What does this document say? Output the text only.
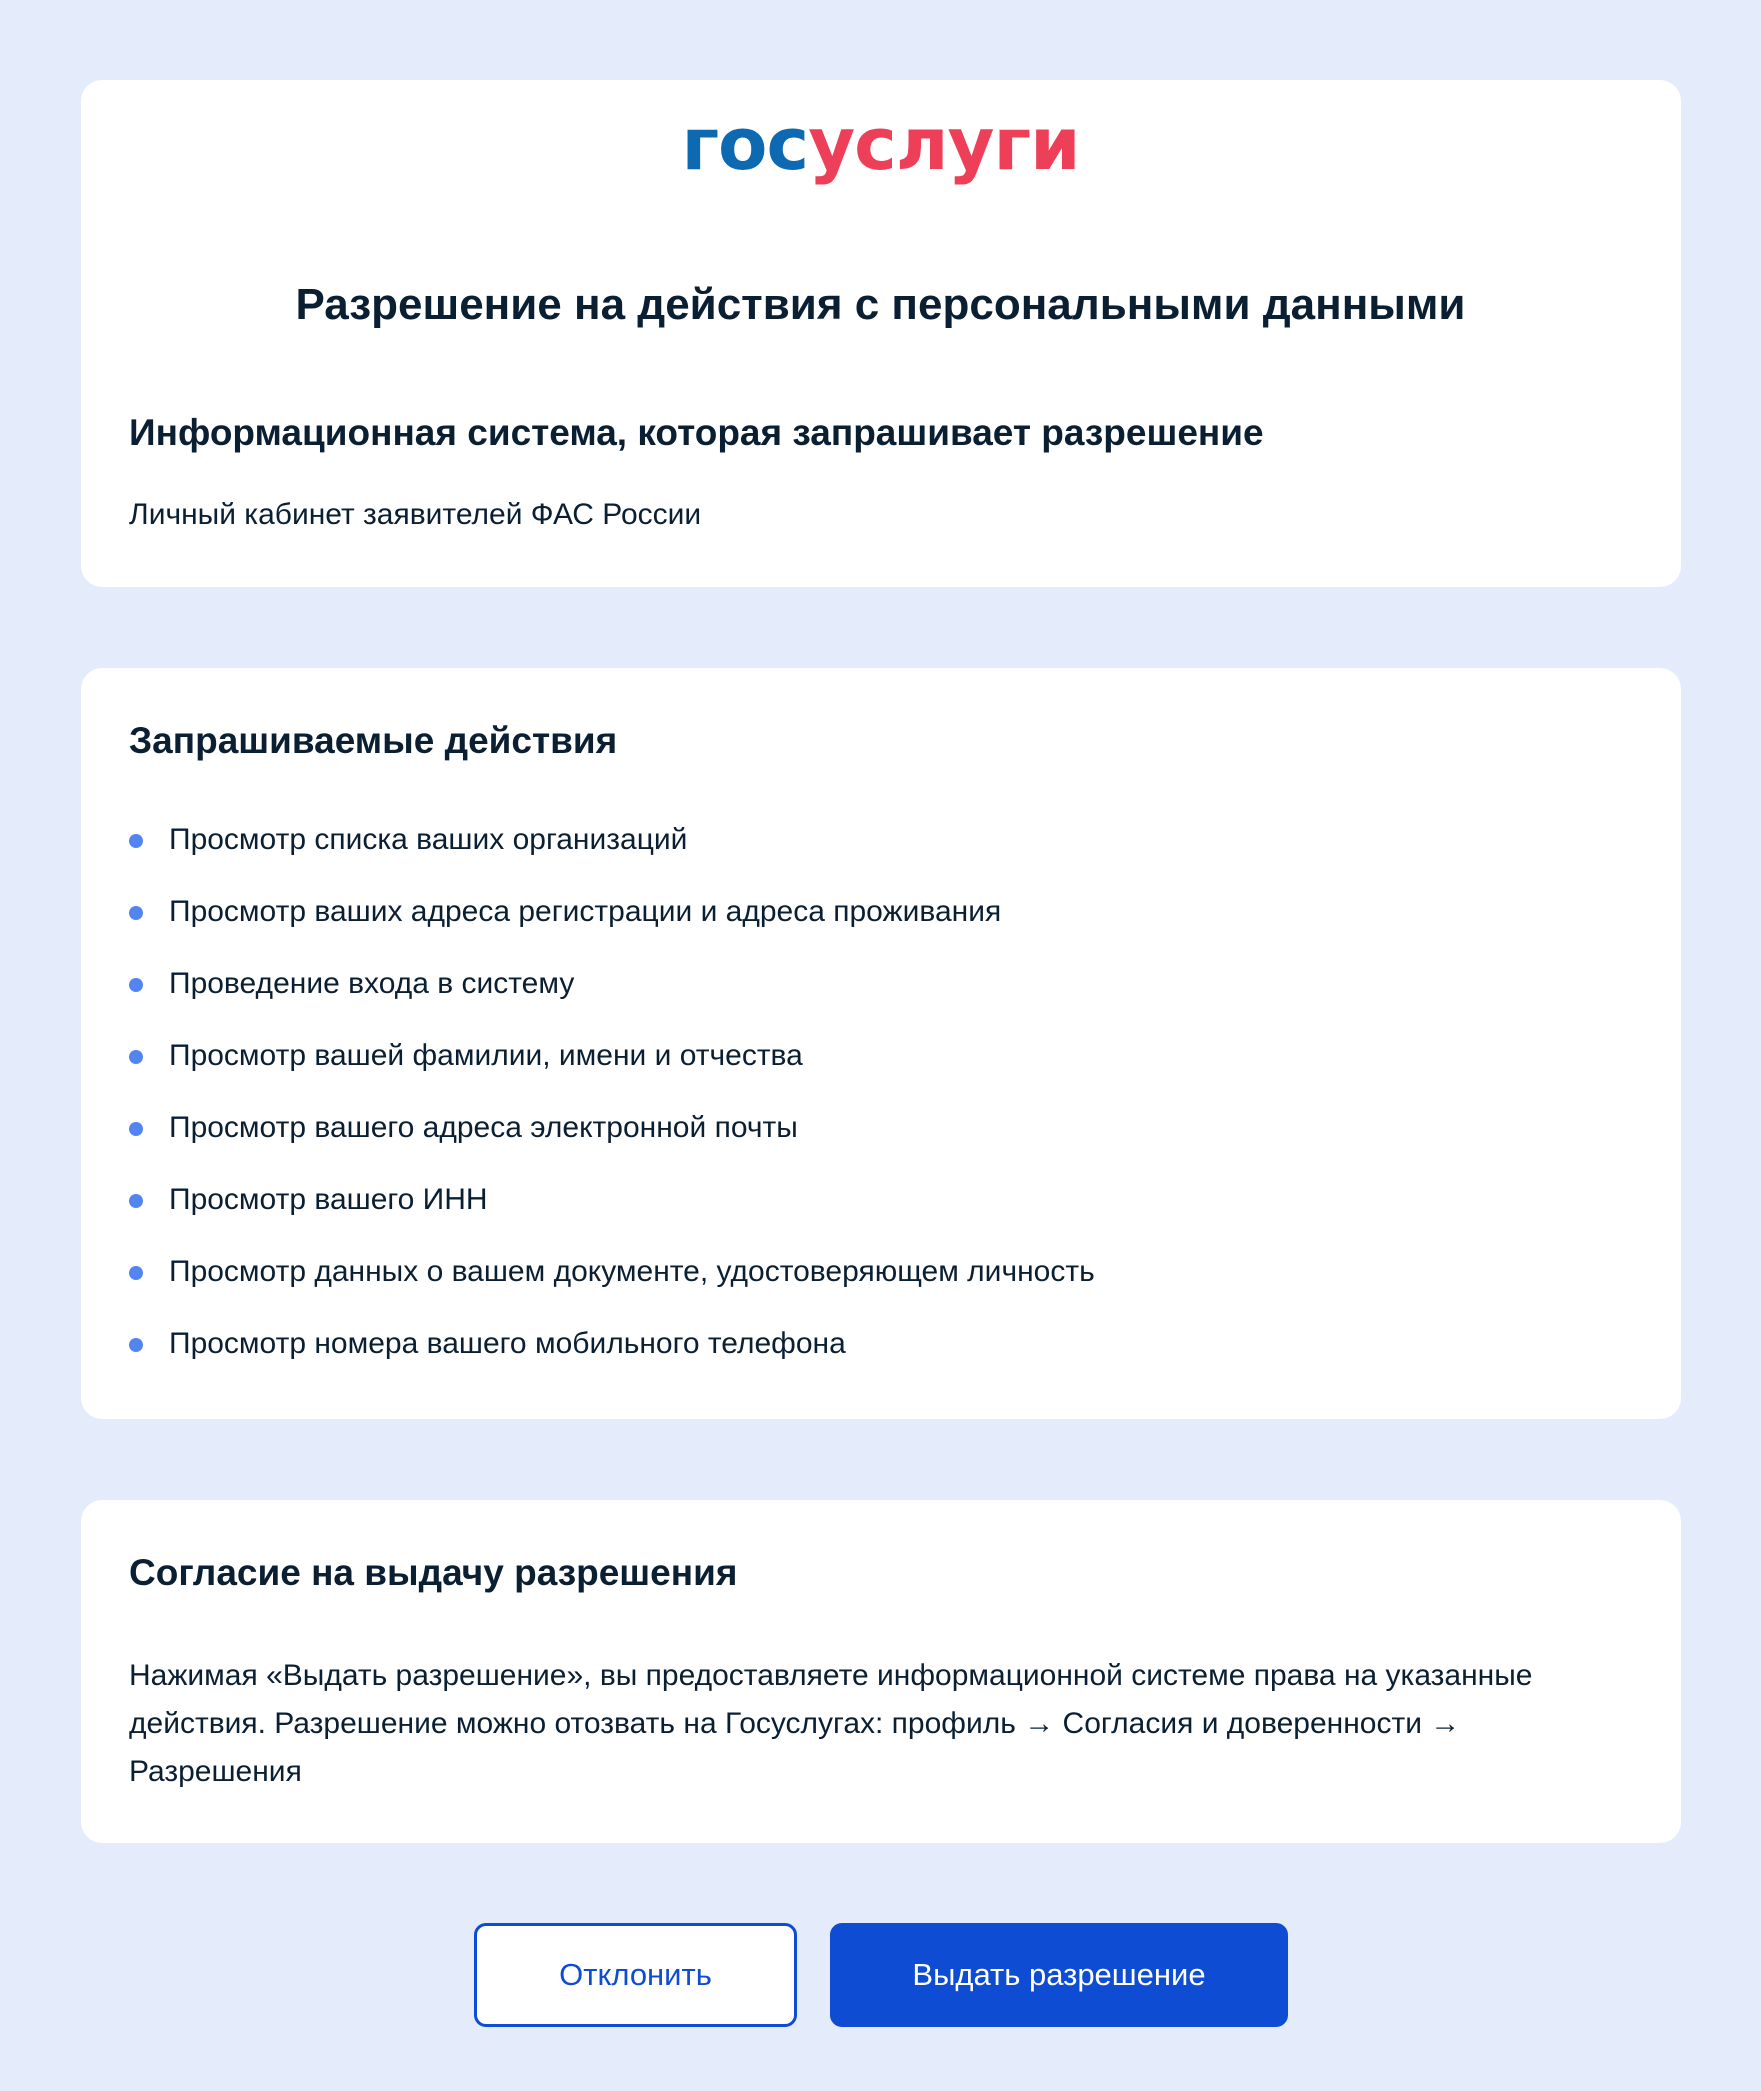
госуслуги
Разрешение на действия с персональными данными
Информационная система, которая запрашивает разрешение

Личный кабинет заявителей ФАС России

Запрашиваемые действия
Просмотр списка ваших организаций
Просмотр ваших адреса регистрации и адреса проживания
Проведение входа в систему
Просмотр вашей фамилии, имени и отчества
Просмотр вашего адреса электронной почты
Просмотр вашего ИНН
Просмотр данных о вашем документе, удостоверяющем личность
Просмотр номера вашего мобильного телефона
Согласие на выдачу разрешения

Нажимая «Выдать разрешение», вы предоставляете информационной системе права на указанные действия. Разрешение можно отозвать на Госуслугах: профиль → Согласия и доверенности → Разрешения

Отклонить	Выдать разрешение
